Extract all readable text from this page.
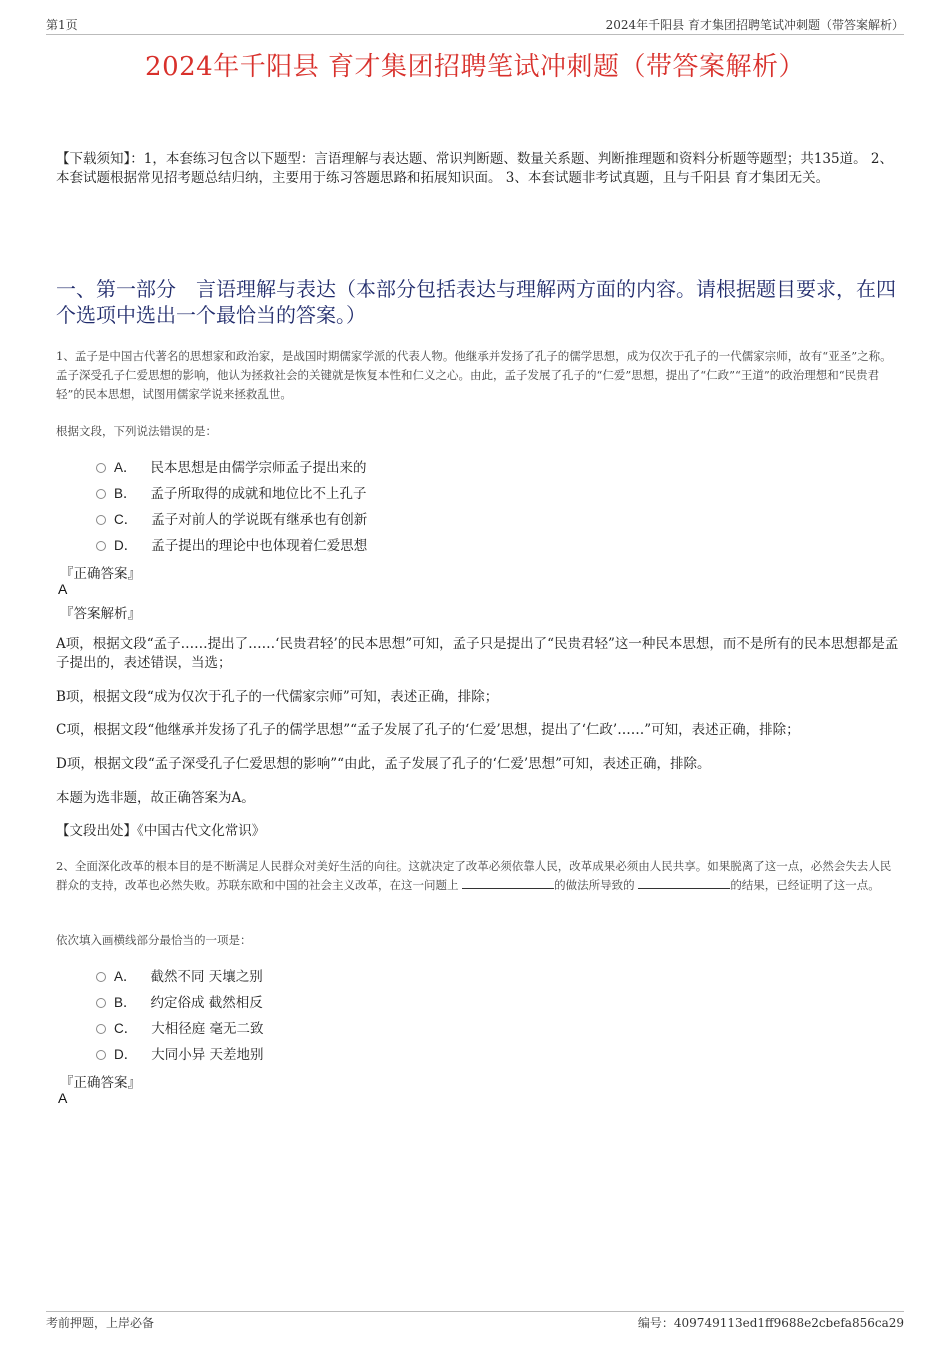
第1页	2024年千阳县 育才集团招聘笔试冲刺题（带答案解析）
2024年千阳县 育才集团招聘笔试冲刺题（带答案解析）
【下载须知】：1，本套练习包含以下题型：言语理解与表达题、常识判断题、数量关系题、判断推理题和资料分析题等题型；共135道。 2、本套试题根据常见招考题总结归纳，主要用于练习答题思路和拓展知识面。 3、本套试题非考试真题，且与千阳县 育才集团无关。
一、第一部分　言语理解与表达（本部分包括表达与理解两方面的内容。请根据题目要求，在四个选项中选出一个最恰当的答案。）
1、孟子是中国古代著名的思想家和政治家，是战国时期儒家学派的代表人物。他继承并发扬了孔子的儒学思想，成为仅次于孔子的一代儒家宗师，故有“亚圣”之称。孟子深受孔子仁爱思想的影响，他认为拯救社会的关键就是恢复本性和仁义之心。由此，孟子发展了孔子的“仁爱”思想，提出了“仁政”“王道”的政治理想和“民贵君轻”的民本思想，试图用儒家学说来拯救乱世。
根据文段，下列说法错误的是：
A． 民本思想是由儒学宗师孟子提出来的
B． 孟子所取得的成就和地位比不上孔子
C． 孟子对前人的学说既有继承也有创新
D． 孟子提出的理论中也体现着仁爱思想
『正确答案』
A
『答案解析』
A项，根据文段“孟子……提出了……‘民贵君轻’的民本思想”可知，孟子只是提出了“民贵君轻”这一种民本思想，而不是所有的民本思想都是孟子提出的，表述错误，当选；
B项，根据文段“成为仅次于孔子的一代儒家宗师”可知，表述正确，排除；
C项，根据文段“他继承并发扬了孔子的儒学思想”“孟子发展了孔子的‘仁爱’思想，提出了‘仁政’……”可知，表述正确，排除；
D项，根据文段“孟子深受孔子仁爱思想的影响”“由此，孟子发展了孔子的‘仁爱’思想”可知，表述正确，排除。
本题为选非题，故正确答案为A。
【文段出处】《中国古代文化常识》
2、全面深化改革的根本目的是不断满足人民群众对美好生活的向往。这就决定了改革必须依靠人民，改革成果必须由人民共享。如果脱离了这一点，必然会失去人民群众的支持，改革也必然失败。苏联东欧和中国的社会主义改革，在这一问题上	的做法所导致的	的结果，已经证明了这一点。
依次填入画横线部分最恰当的一项是：
A． 截然不同 天壤之别
B． 约定俗成 截然相反
C． 大相径庭 毫无二致
D． 大同小异 天差地别
『正确答案』
A
考前押题，上岸必备	编号：409749113ed1ff9688e2cbefa856ca29
